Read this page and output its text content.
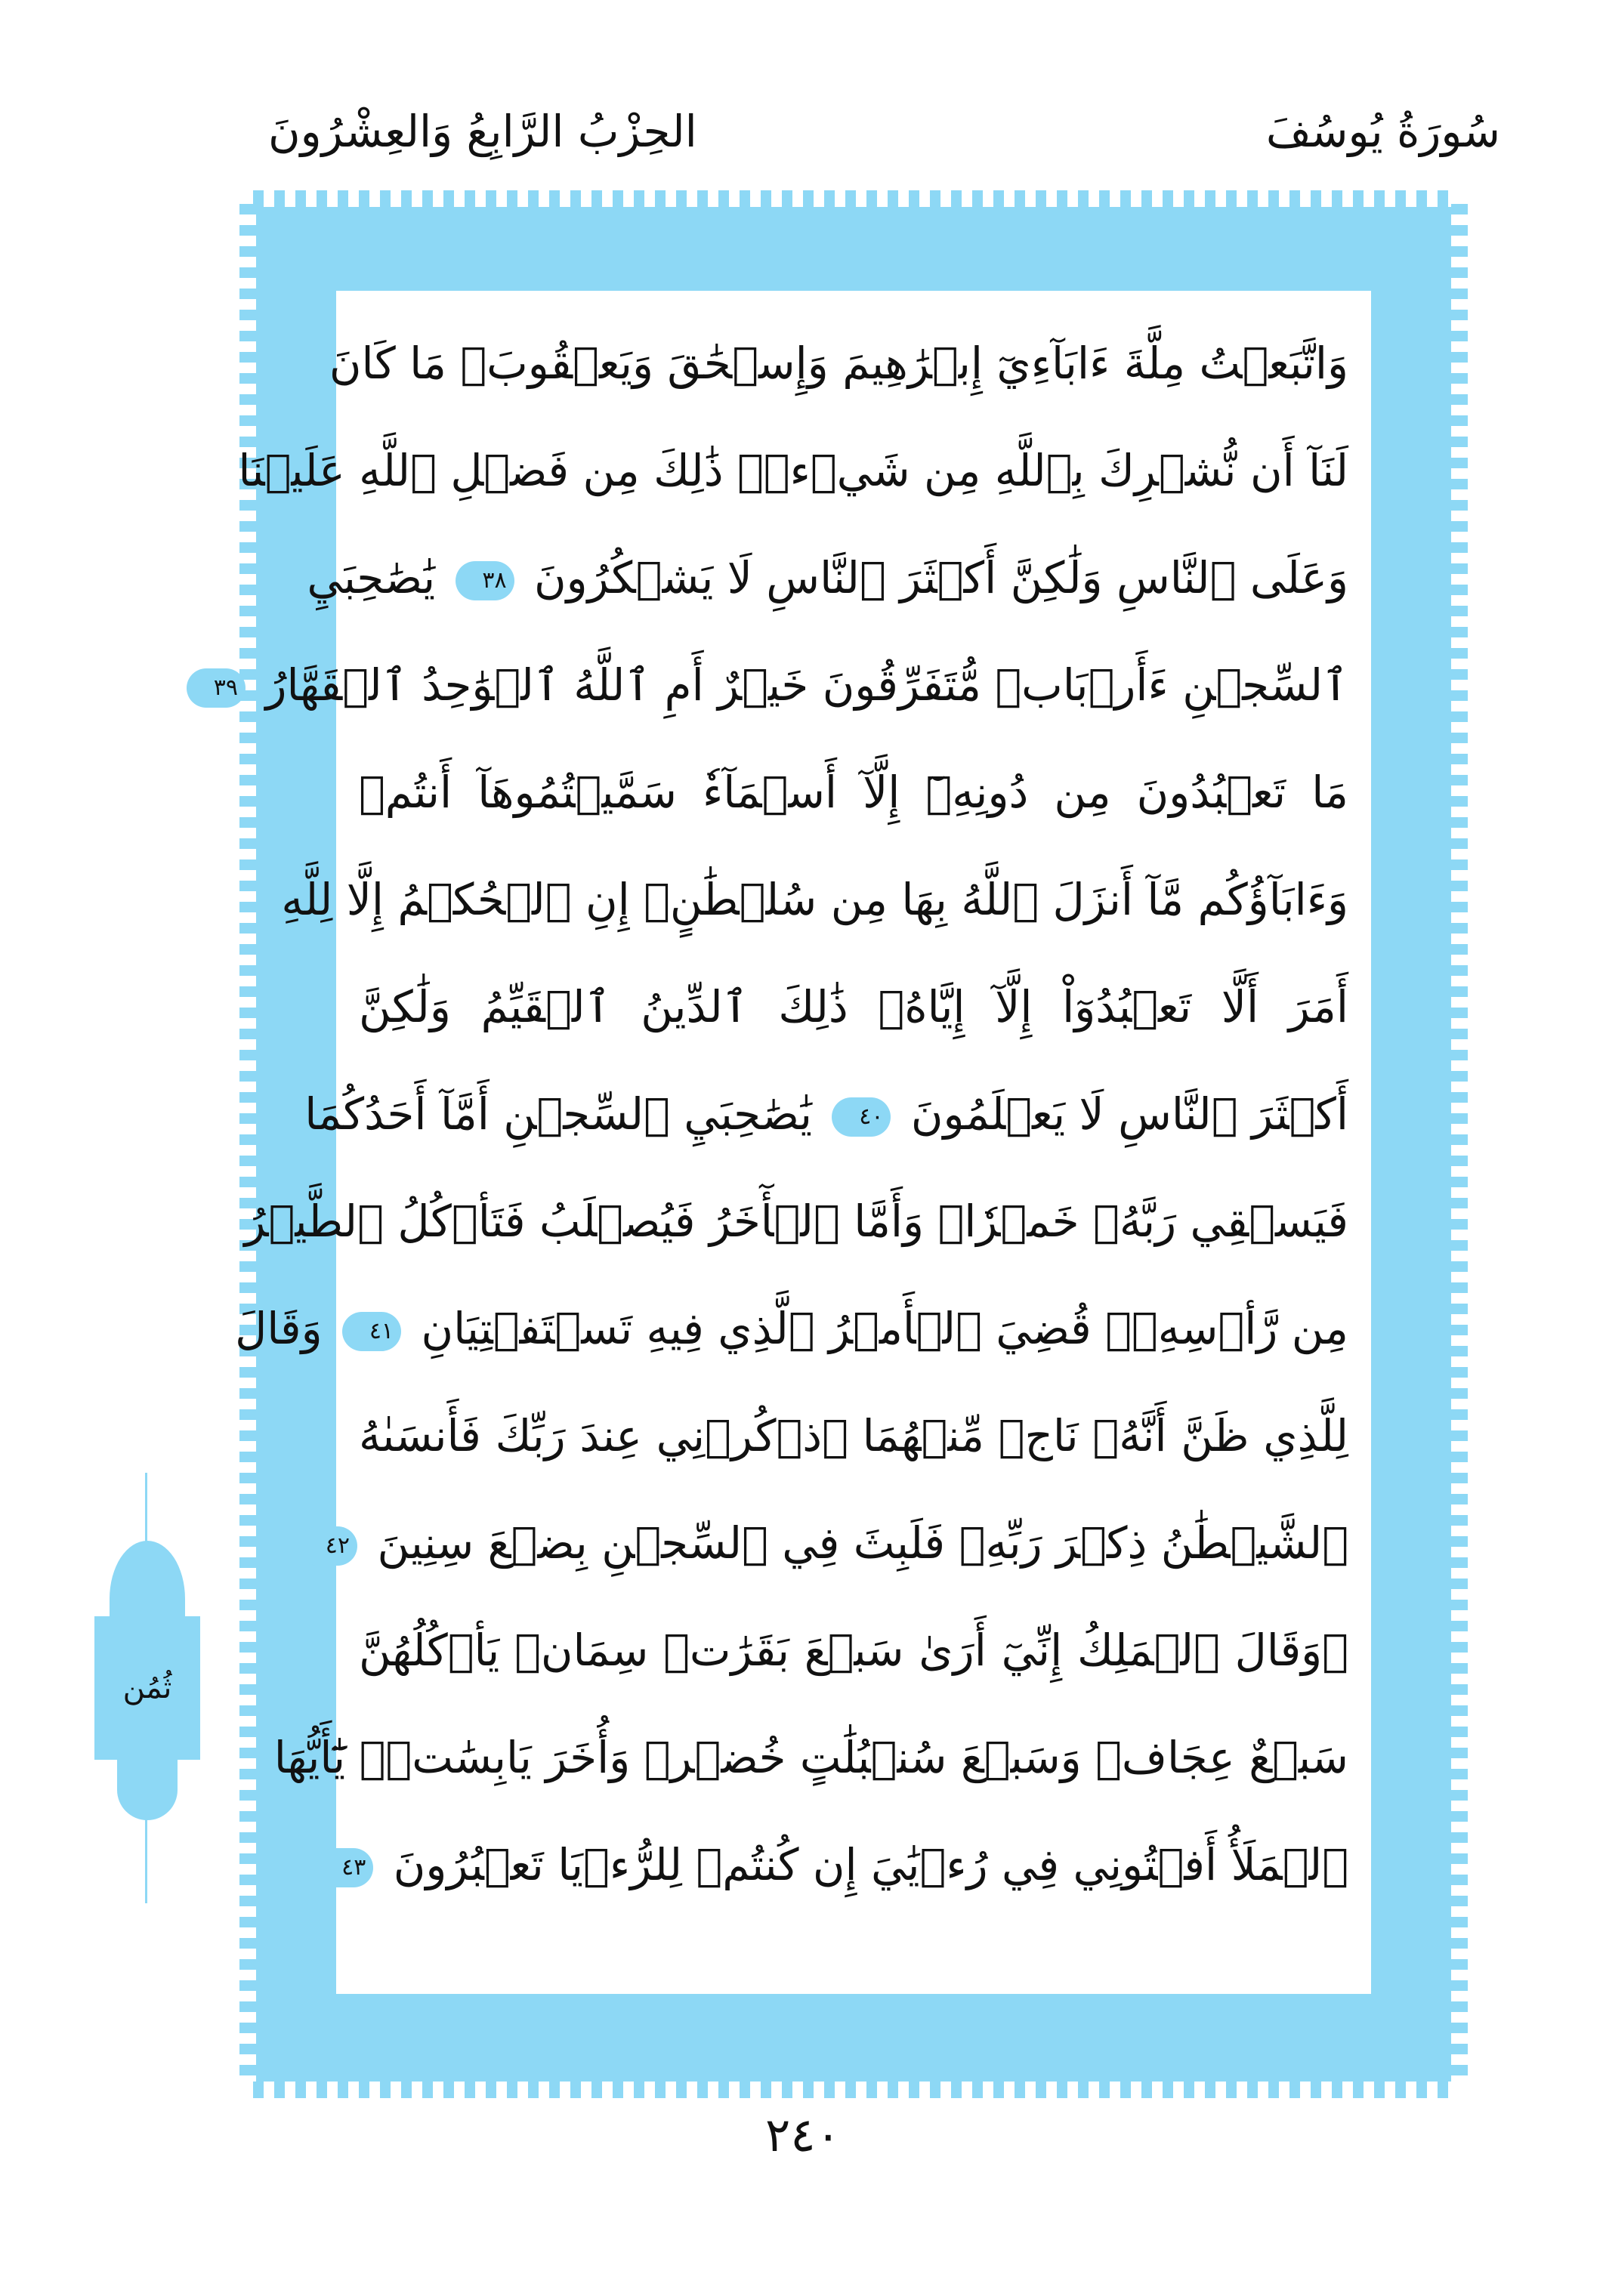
سُورَةُ يُوسُفَ
الحِزْبُ الرَّابِعُ وَالعِشْرُونَ
وَاتَّبَعۡتُ مِلَّةَ ءَابَآءِيٓ إِبۡرَٰهِيمَ وَإِسۡحَٰقَ وَيَعۡقُوبَۚ مَا كَانَ
لَنَآ أَن نُّشۡرِكَ بِٱللَّهِ مِن شَيۡءٖۚ ذَٰلِكَ مِن فَضۡلِ ٱللَّهِ عَلَيۡنَا
وَعَلَى ٱلنَّاسِ وَلَٰكِنَّ أَكۡثَرَ ٱلنَّاسِ لَا يَشۡكُرُونَ ٣٨ يَٰصَٰحِبَيِ
ٱلسِّجۡنِ ءَأَرۡبَابٞ مُّتَفَرِّقُونَ خَيۡرٌ أَمِ ٱللَّهُ ٱلۡوَٰحِدُ ٱلۡقَهَّارُ ٣٩
مَا تَعۡبُدُونَ مِن دُونِهِۦٓ إِلَّآ أَسۡمَآءٗ سَمَّيۡتُمُوهَآ أَنتُمۡ
وَءَابَآؤُكُم مَّآ أَنزَلَ ٱللَّهُ بِهَا مِن سُلۡطَٰنٍۚ إِنِ ٱلۡحُكۡمُ إِلَّا لِلَّهِ
أَمَرَ أَلَّا تَعۡبُدُوٓاْ إِلَّآ إِيَّاهُۚ ذَٰلِكَ ٱلدِّينُ ٱلۡقَيِّمُ وَلَٰكِنَّ
أَكۡثَرَ ٱلنَّاسِ لَا يَعۡلَمُونَ ٤٠ يَٰصَٰحِبَيِ ٱلسِّجۡنِ أَمَّآ أَحَدُكُمَا
فَيَسۡقِي رَبَّهُۥ خَمۡرٗاۖ وَأَمَّا ٱلۡأٓخَرُ فَيُصۡلَبُ فَتَأۡكُلُ ٱلطَّيۡرُ
مِن رَّأۡسِهِۦۚ قُضِيَ ٱلۡأَمۡرُ ٱلَّذِي فِيهِ تَسۡتَفۡتِيَانِ ٤١ وَقَالَ
لِلَّذِي ظَنَّ أَنَّهُۥ نَاجٖ مِّنۡهُمَا ٱذۡكُرۡنِي عِندَ رَبِّكَ فَأَنسَىٰهُ
ٱلشَّيۡطَٰنُ ذِكۡرَ رَبِّهِۦ فَلَبِثَ فِي ٱلسِّجۡنِ بِضۡعَ سِنِينَ ٤٢
۞وَقَالَ ٱلۡمَلِكُ إِنِّيٓ أَرَىٰ سَبۡعَ بَقَرَٰتٖ سِمَانٖ يَأۡكُلُهُنَّ
سَبۡعٌ عِجَافٞ وَسَبۡعَ سُنۢبُلَٰتٍ خُضۡرٖ وَأُخَرَ يَابِسَٰتٖۖ يَٰٓأَيُّهَا
ٱلۡمَلَأُ أَفۡتُونِي فِي رُءۡيَٰيَ إِن كُنتُمۡ لِلرُّءۡيَا تَعۡبُرُونَ ٤٣
ثُمُن
٢٤٠
